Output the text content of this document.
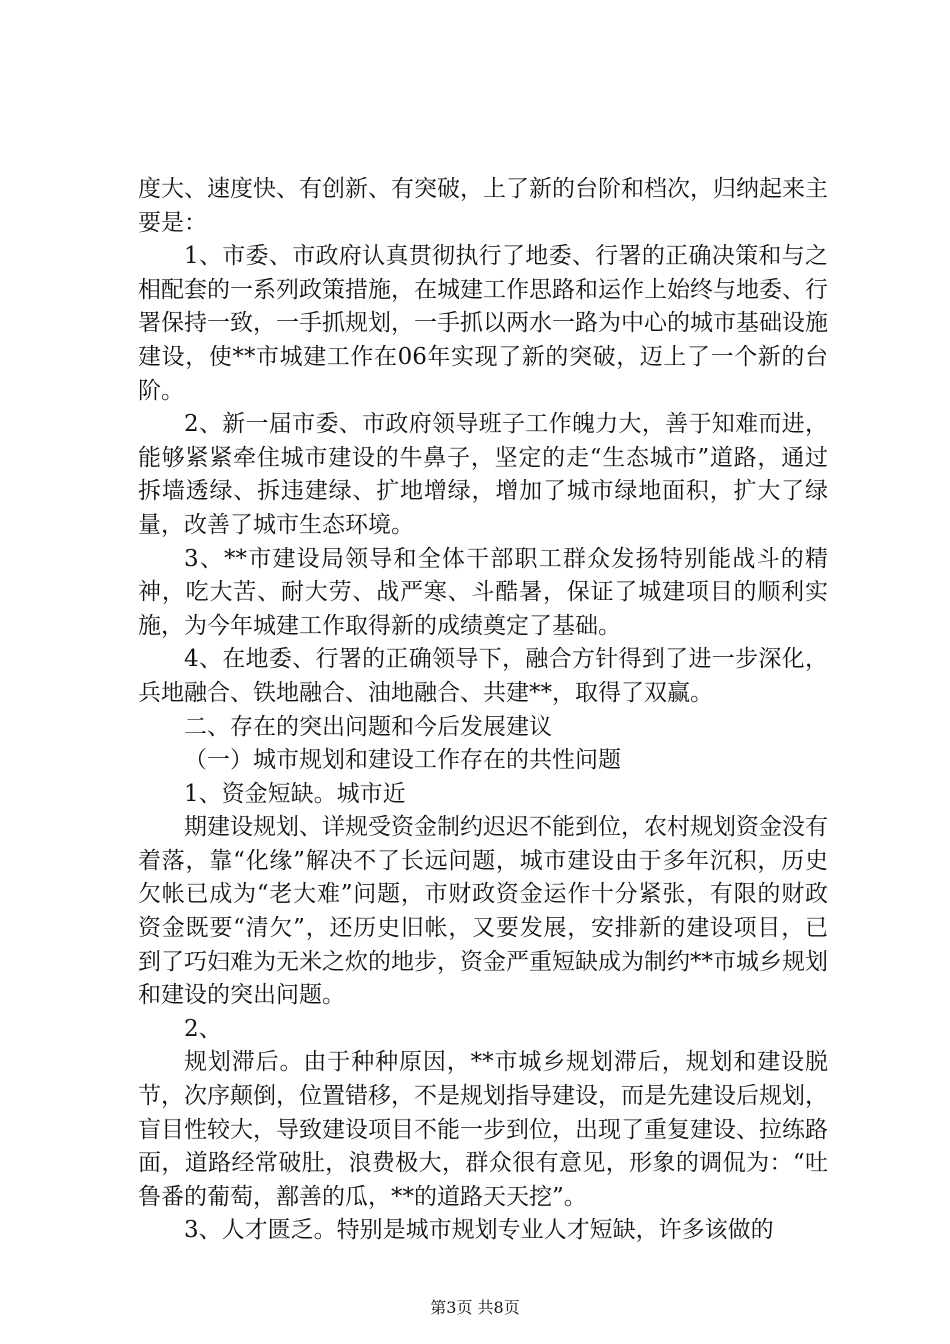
度大、速度快、有创新、有突破，上了新的台阶和档次，归纳起来主要是：

1、市委、市政府认真贯彻执行了地委、行署的正确决策和与之相配套的一系列政策措施，在城建工作思路和运作上始终与地委、行署保持一致，一手抓规划，一手抓以两水一路为中心的城市基础设施建设，使**市城建工作在06年实现了新的突破，迈上了一个新的台阶。

2、新一届市委、市政府领导班子工作魄力大，善于知难而进，能够紧紧牵住城市建设的牛鼻子，坚定的走“生态城市”道路，通过拆墙透绿、拆违建绿、扩地增绿，增加了城市绿地面积，扩大了绿量，改善了城市生态环境。

3、**市建设局领导和全体干部职工群众发扬特别能战斗的精神，吃大苦、耐大劳、战严寒、斗酷暑，保证了城建项目的顺利实施，为今年城建工作取得新的成绩奠定了基础。

4、在地委、行署的正确领导下，融合方针得到了进一步深化，兵地融合、铁地融合、油地融合、共建**，取得了双赢。

二、存在的突出问题和今后发展建议

（一）城市规划和建设工作存在的共性问题

1、资金短缺。城市近

期建设规划、详规受资金制约迟迟不能到位，农村规划资金没有着落，靠“化缘”解决不了长远问题，城市建设由于多年沉积，历史欠帐已成为“老大难”问题，市财政资金运作十分紧张，有限的财政资金既要“清欠”，还历史旧帐，又要发展，安排新的建设项目，已到了巧妇难为无米之炊的地步，资金严重短缺成为制约**市城乡规划和建设的突出问题。

2、

规划滞后。由于种种原因，**市城乡规划滞后，规划和建设脱节，次序颠倒，位置错移，不是规划指导建设，而是先建设后规划，盲目性较大，导致建设项目不能一步到位，出现了重复建设、拉练路面，道路经常破肚，浪费极大，群众很有意见，形象的调侃为：“吐鲁番的葡萄，鄯善的瓜，**的道路天天挖”。

3、人才匮乏。特别是城市规划专业人才短缺，许多该做的

第3页 共8页
